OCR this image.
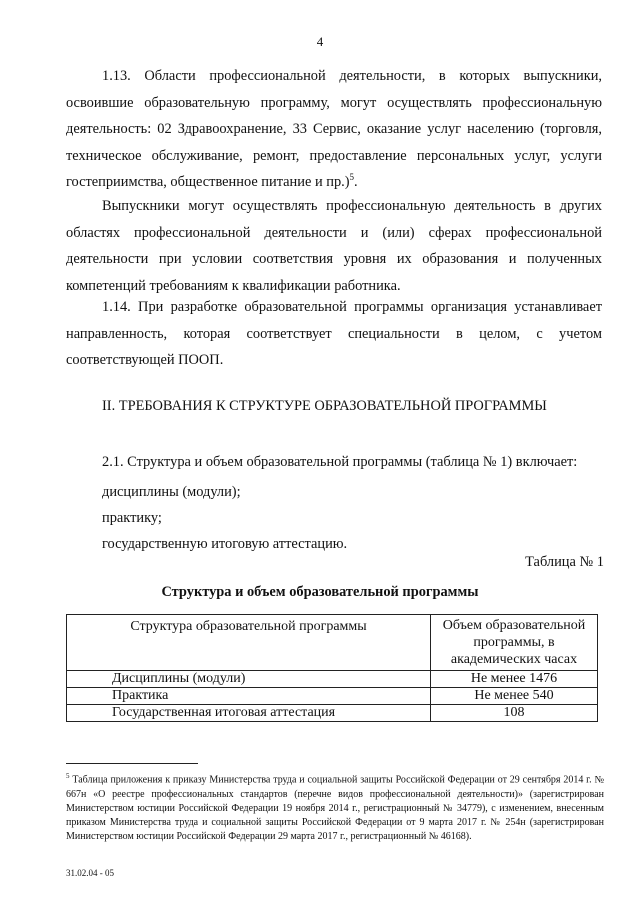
4

1.13. Области профессиональной деятельности, в которых выпускники, освоившие образовательную программу, могут осуществлять профессиональную деятельность: 02 Здравоохранение, 33 Сервис, оказание услуг населению (торговля, техническое обслуживание, ремонт, предоставление персональных услуг, услуги гостеприимства, общественное питание и пр.)$^5$.

Выпускники могут осуществлять профессиональную деятельность в других областях профессиональной деятельности и (или) сферах профессиональной деятельности при условии соответствия уровня их образования и полученных компетенций требованиям к квалификации работника.

1.14. При разработке образовательной программы организация устанавливает направленность, которая соответствует специальности в целом, с учетом соответствующей ПООП.

II. ТРЕБОВАНИЯ К СТРУКТУРЕ ОБРАЗОВАТЕЛЬНОЙ ПРОГРАММЫ

2.1. Структура и объем образовательной программы (таблица № 1) включает:

дисциплины (модули);

практику;

государственную итоговую аттестацию.

Таблица № 1

Структура и объем образовательной программы

Структура образовательной программы	Объем образовательной программы, в академических часах
Дисциплины (модули)	Не менее 1476
Практика	Не менее 540
Государственная итоговая аттестация	108

$^5$ Таблица приложения к приказу Министерства труда и социальной защиты Российской Федерации от 29 сентября 2014 г. № 667н «О реестре профессиональных стандартов (перечне видов профессиональной деятельности)» (зарегистрирован Министерством юстиции Российской Федерации 19 ноября 2014 г., регистрационный № 34779), с изменением, внесенным приказом Министерства труда и социальной защиты Российской Федерации от 9 марта 2017 г. № 254н (зарегистрирован Министерством юстиции Российской Федерации 29 марта 2017 г., регистрационный № 46168).

31.02.04 - 05
